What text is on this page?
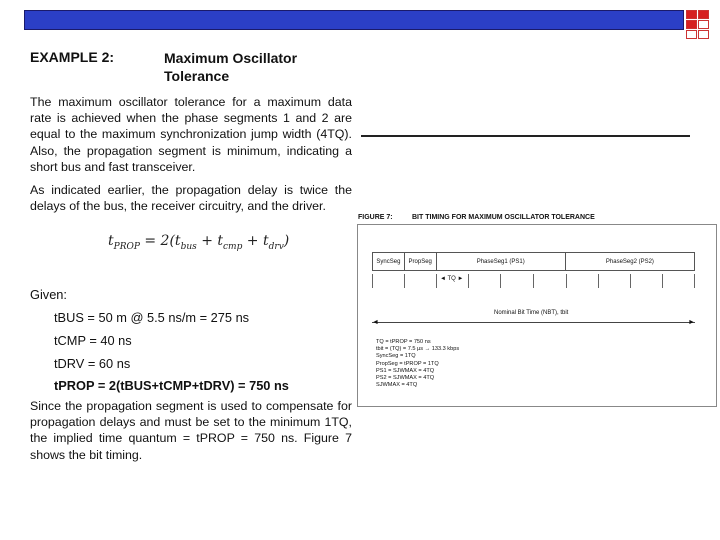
EXAMPLE 2:	Maximum Oscillator Tolerance
The maximum oscillator tolerance for a maximum data rate is achieved when the phase segments 1 and 2 are equal to the maximum synchronization jump width (4TQ). Also, the propagation segment is minimum, indicating a short bus and fast transceiver.
As indicated earlier, the propagation delay is twice the delays of the bus, the receiver circuitry, and the driver.
$t_{PROP} = 2(t_{bus} + t_{cmp} + t_{drv})$
Given:
tBUS = 50 m @ 5.5 ns/m = 275 ns
tCMP = 40 ns
tDRV = 60 ns
tPROP = 2(tBUS+tCMP+tDRV) = 750 ns
Since the propagation segment is used to compensate for propagation delays and must be set to the minimum 1TQ, the implied time quantum = tPROP = 750 ns. Figure 7 shows the bit timing.
FIGURE 7:	BIT TIMING FOR MAXIMUM OSCILLATOR TOLERANCE
SyncSeg	PropSeg	PhaseSeg1 (PS1)	PhaseSeg2 (PS2)
◄ TQ ►
Nominal Bit Time (NBT), tbit
◄	►
TQ = tPROP = 750 ns
tbit = (TQ) = 7.5 µs → 133.3 kbps
SyncSeg = 1TQ
PropSeg = tPROP = 1TQ
PS1 = SJWMAX = 4TQ
PS2 = SJWMAX = 4TQ
SJWMAX = 4TQ
